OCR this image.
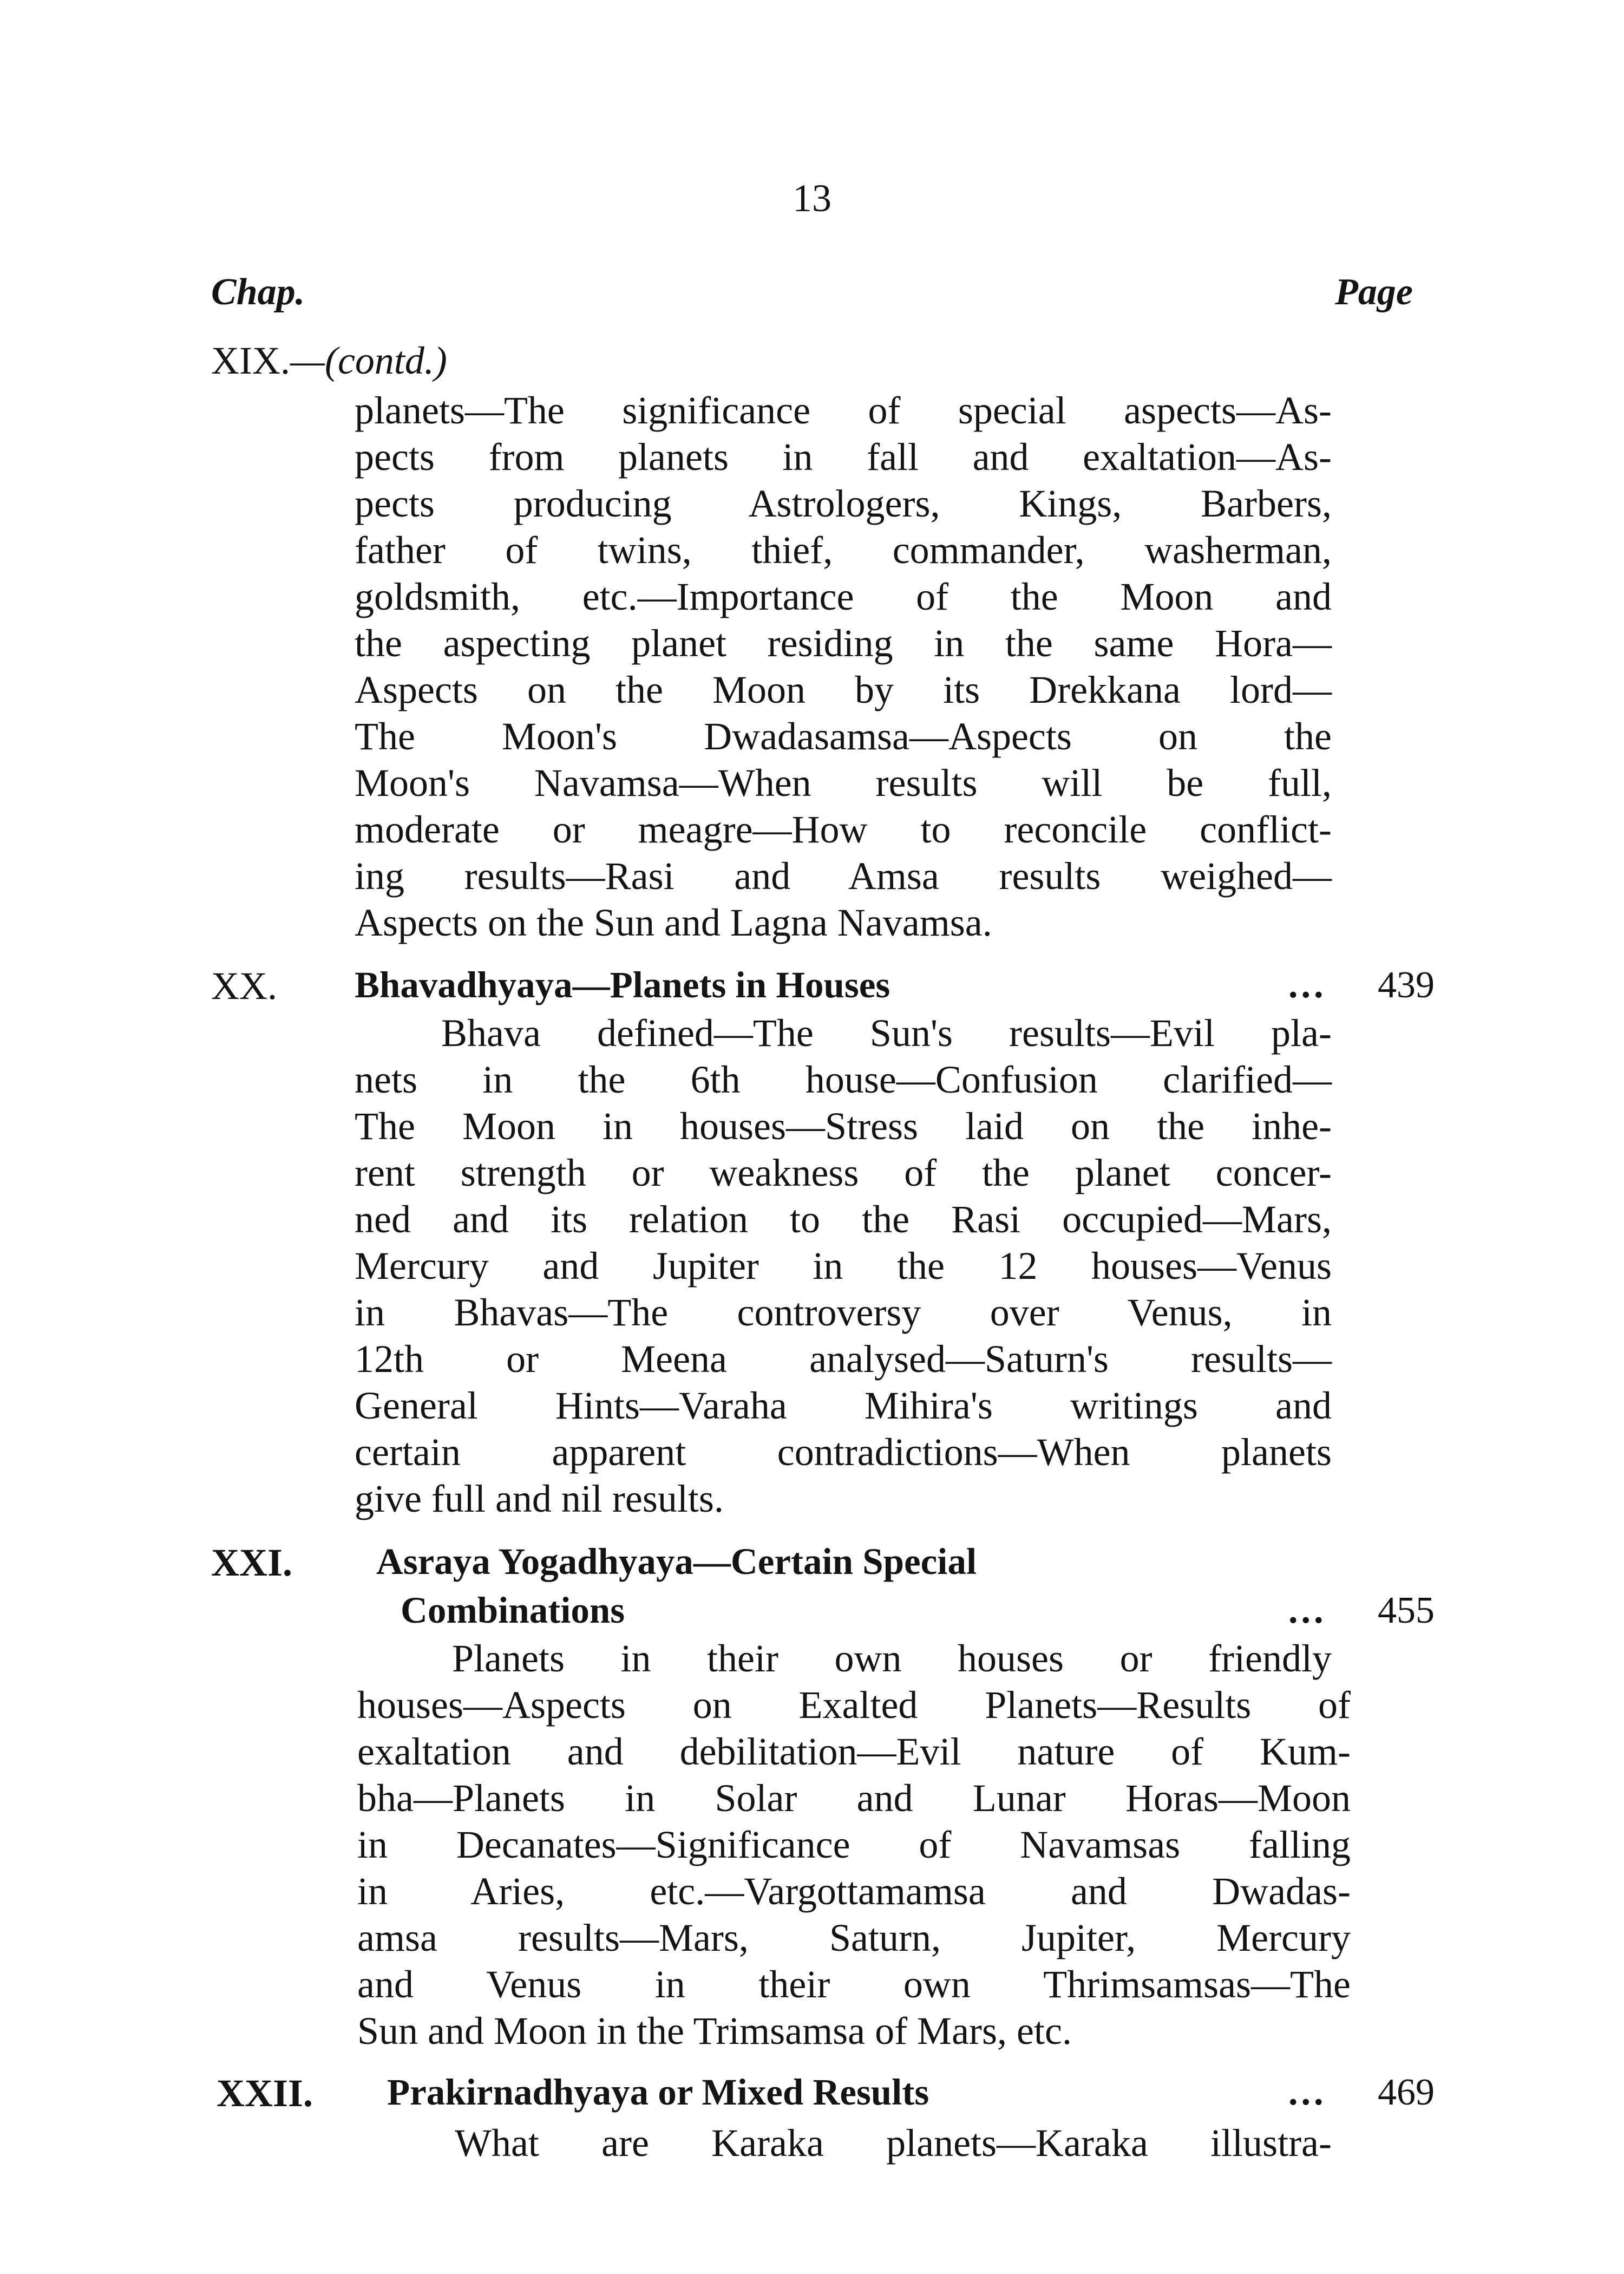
13
Chap.	Page
XIX.—(contd.)
planets—The significance of special aspects—As-
pects from planets in fall and exaltation—As-
pects producing Astrologers, Kings, Barbers,
father of twins, thief, commander, washerman,
goldsmith, etc.—Importance of the Moon and
the aspecting planet residing in the same Hora—
Aspects on the Moon by its Drekkana lord—
The Moon's Dwadasamsa—Aspects on the
Moon's Navamsa—When results will be full,
moderate or meagre—How to reconcile conflict-
ing results—Rasi and Amsa results weighed—
Aspects on the Sun and Lagna Navamsa.
XX. Bhavadhyaya—Planets in Houses	... 439
Bhava defined—The Sun's results—Evil pla-
nets in the 6th house—Confusion clarified—
The Moon in houses—Stress laid on the inhe-
rent strength or weakness of the planet concer-
ned and its relation to the Rasi occupied—Mars,
Mercury and Jupiter in the 12 houses—Venus
in Bhavas—The controversy over Venus, in
12th or Meena analysed—Saturn's results—
General Hints—Varaha Mihira's writings and
certain apparent contradictions—When planets
give full and nil results.
XXI. Asraya Yogadhyaya—Certain Special
Combinations	... 455
Planets in their own houses or friendly
houses—Aspects on Exalted Planets—Results of
exaltation and debilitation—Evil nature of Kum-
bha—Planets in Solar and Lunar Horas—Moon
in Decanates—Significance of Navamsas falling
in Aries, etc.—Vargottamamsa and Dwadas-
amsa results—Mars, Saturn, Jupiter, Mercury
and Venus in their own Thrimsamsas—The
Sun and Moon in the Trimsamsa of Mars, etc.
XXII. Prakirnadhyaya or Mixed Results	... 469
What are Karaka planets—Karaka illustra-
